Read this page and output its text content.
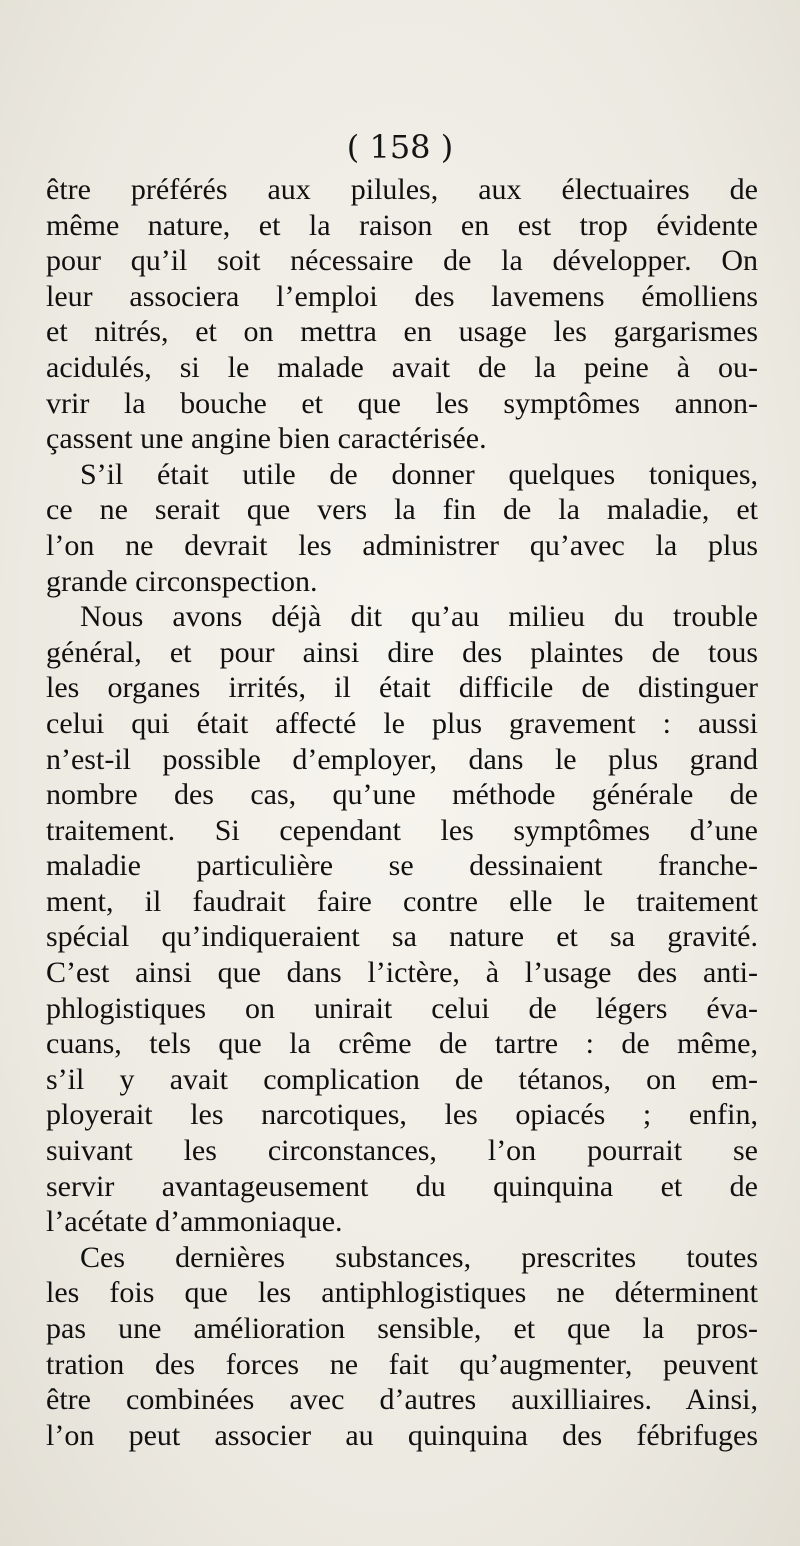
( 158 )
être préférés aux pilules, aux électuaires de
même nature, et la raison en est trop évidente
pour qu’il soit nécessaire de la développer. On
leur associera l’emploi des lavemens émolliens
et nitrés, et on mettra en usage les gargarismes
acidulés, si le malade avait de la peine à ou-
vrir la bouche et que les symptômes annon-
çassent une angine bien caractérisée.
S’il était utile de donner quelques toniques,
ce ne serait que vers la fin de la maladie, et
l’on ne devrait les administrer qu’avec la plus
grande circonspection.
Nous avons déjà dit qu’au milieu du trouble
général, et pour ainsi dire des plaintes de tous
les organes irrités, il était difficile de distinguer
celui qui était affecté le plus gravement : aussi
n’est-il possible d’employer, dans le plus grand
nombre des cas, qu’une méthode générale de
traitement. Si cependant les symptômes d’une
maladie particulière se dessinaient franche-
ment, il faudrait faire contre elle le traitement
spécial qu’indiqueraient sa nature et sa gravité.
C’est ainsi que dans l’ictère, à l’usage des anti-
phlogistiques on unirait celui de légers éva-
cuans, tels que la crême de tartre : de même,
s’il y avait complication de tétanos, on em-
ployerait les narcotiques, les opiacés ; enfin,
suivant les circonstances, l’on pourrait se
servir avantageusement du quinquina et de
l’acétate d’ammoniaque.
Ces dernières substances, prescrites toutes
les fois que les antiphlogistiques ne déterminent
pas une amélioration sensible, et que la pros-
tration des forces ne fait qu’augmenter, peuvent
être combinées avec d’autres auxilliaires. Ainsi,
l’on peut associer au quinquina des fébrifuges
